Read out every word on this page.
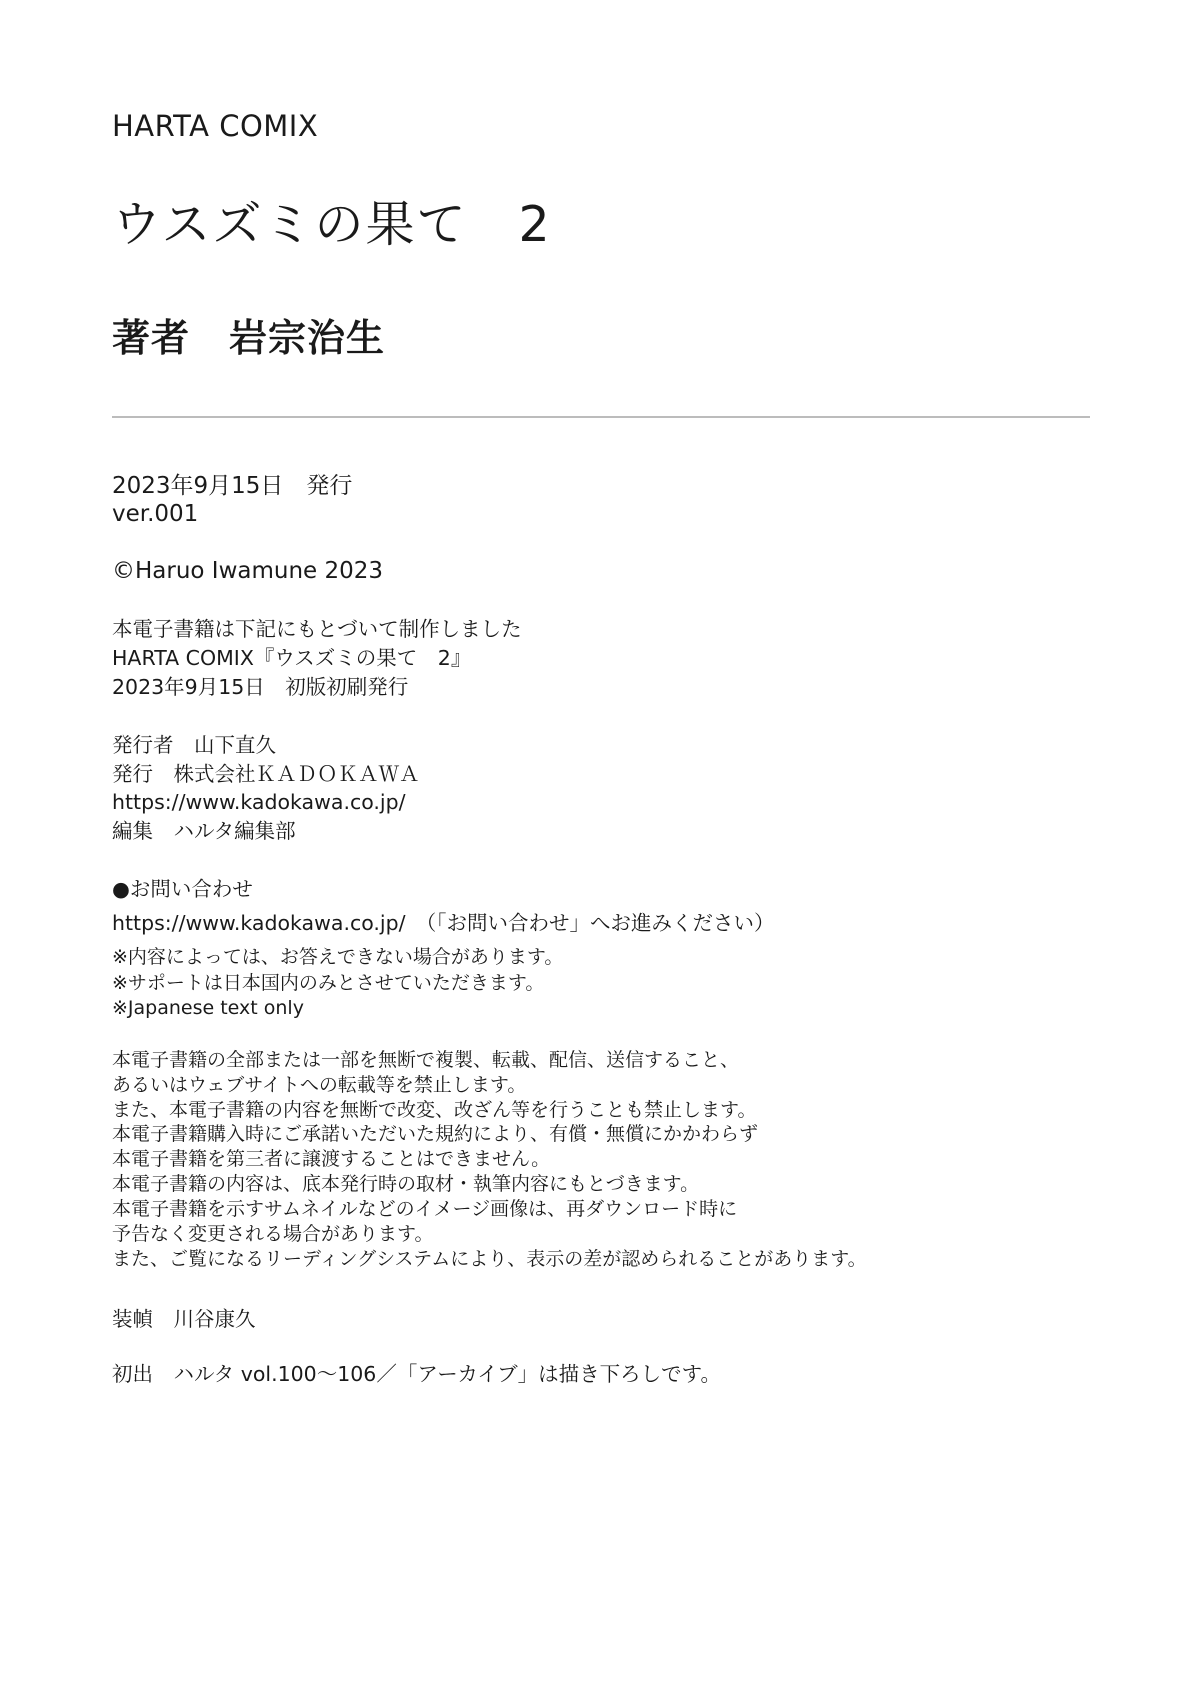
HARTA COMIX
ウスズミの果て　2
著者　岩宗治生
2023年9月15日　発行
ver.001
©Haruo Iwamune 2023
本電子書籍は下記にもとづいて制作しました
HARTA COMIX『ウスズミの果て　2』
2023年9月15日　初版初刷発行
発行者　山下直久
発行　株式会社ＫＡＤＯＫＡＷＡ
https://www.kadokawa.co.jp/
編集　ハルタ編集部
●お問い合わせ
https://www.kadokawa.co.jp/　（「お問い合わせ」へお進みください）
※内容によっては、お答えできない場合があります。
※サポートは日本国内のみとさせていただきます。
※Japanese text only
本電子書籍の全部または一部を無断で複製、転載、配信、送信すること、
あるいはウェブサイトへの転載等を禁止します。
また、本電子書籍の内容を無断で改変、改ざん等を行うことも禁止します。
本電子書籍購入時にご承諾いただいた規約により、有償・無償にかかわらず
本電子書籍を第三者に譲渡することはできません。
本電子書籍の内容は、底本発行時の取材・執筆内容にもとづきます。
本電子書籍を示すサムネイルなどのイメージ画像は、再ダウンロード時に
予告なく変更される場合があります。
また、ご覧になるリーディングシステムにより、表示の差が認められることがあります。
装幀　川谷康久
初出　ハルタ vol.100～106／「アーカイブ」は描き下ろしです。
